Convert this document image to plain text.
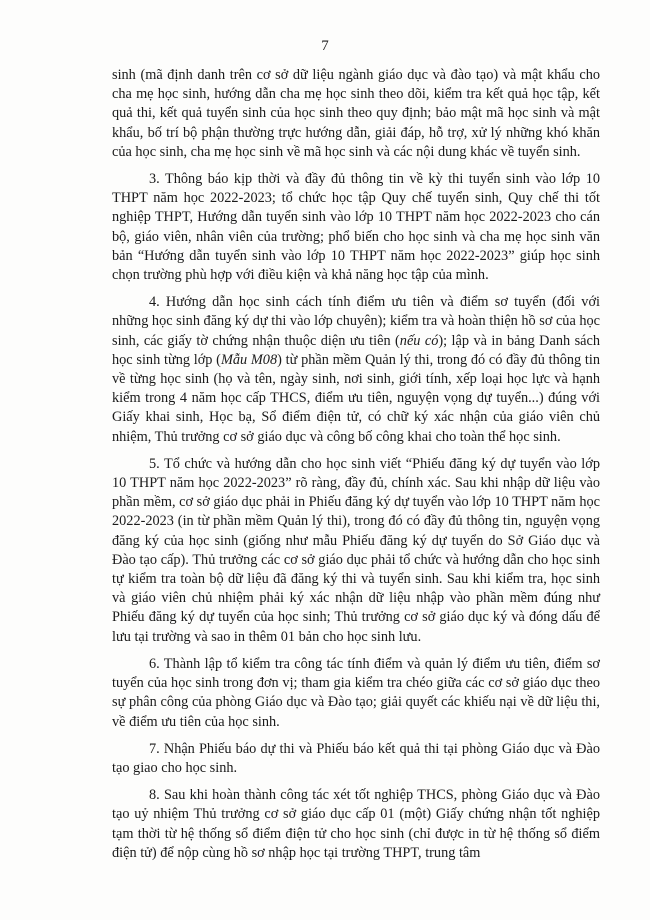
7

sinh (mã định danh trên cơ sở dữ liệu ngành giáo dục và đào tạo) và mật khẩu cho cha mẹ học sinh, hướng dẫn cha mẹ học sinh theo dõi, kiểm tra kết quả học tập, kết quả thi, kết quả tuyển sinh của học sinh theo quy định; bảo mật mã học sinh và mật khẩu, bố trí bộ phận thường trực hướng dẫn, giải đáp, hỗ trợ, xử lý những khó khăn của học sinh, cha mẹ học sinh về mã học sinh và các nội dung khác về tuyển sinh.

3. Thông báo kịp thời và đầy đủ thông tin về kỳ thi tuyển sinh vào lớp 10 THPT năm học 2022-2023; tổ chức học tập Quy chế tuyển sinh, Quy chế thi tốt nghiệp THPT, Hướng dẫn tuyển sinh vào lớp 10 THPT năm học 2022-2023 cho cán bộ, giáo viên, nhân viên của trường; phổ biến cho học sinh và cha mẹ học sinh văn bản “Hướng dẫn tuyển sinh vào lớp 10 THPT năm học 2022-2023” giúp học sinh chọn trường phù hợp với điều kiện và khả năng học tập của mình.

4. Hướng dẫn học sinh cách tính điểm ưu tiên và điểm sơ tuyển (đối với những học sinh đăng ký dự thi vào lớp chuyên); kiểm tra và hoàn thiện hồ sơ của học sinh, các giấy tờ chứng nhận thuộc diện ưu tiên (nếu có); lập và in bảng Danh sách học sinh từng lớp (Mẫu M08) từ phần mềm Quản lý thi, trong đó có đầy đủ thông tin về từng học sinh (họ và tên, ngày sinh, nơi sinh, giới tính, xếp loại học lực và hạnh kiểm trong 4 năm học cấp THCS, điểm ưu tiên, nguyện vọng dự tuyển...) đúng với Giấy khai sinh, Học bạ, Sổ điểm điện tử, có chữ ký xác nhận của giáo viên chủ nhiệm, Thủ trưởng cơ sở giáo dục và công bố công khai cho toàn thể học sinh.

5. Tổ chức và hướng dẫn cho học sinh viết “Phiếu đăng ký dự tuyển vào lớp 10 THPT năm học 2022-2023” rõ ràng, đầy đủ, chính xác. Sau khi nhập dữ liệu vào phần mềm, cơ sở giáo dục phải in Phiếu đăng ký dự tuyển vào lớp 10 THPT năm học 2022-2023 (in từ phần mềm Quản lý thi), trong đó có đầy đủ thông tin, nguyện vọng đăng ký của học sinh (giống như mẫu Phiếu đăng ký dự tuyển do Sở Giáo dục và Đào tạo cấp). Thủ trưởng các cơ sở giáo dục phải tổ chức và hướng dẫn cho học sinh tự kiểm tra toàn bộ dữ liệu đã đăng ký thi và tuyển sinh. Sau khi kiểm tra, học sinh và giáo viên chủ nhiệm phải ký xác nhận dữ liệu nhập vào phần mềm đúng như Phiếu đăng ký dự tuyển của học sinh; Thủ trưởng cơ sở giáo dục ký và đóng dấu để lưu tại trường và sao in thêm 01 bản cho học sinh lưu.

6. Thành lập tổ kiểm tra công tác tính điểm và quản lý điểm ưu tiên, điểm sơ tuyển của học sinh trong đơn vị; tham gia kiểm tra chéo giữa các cơ sở giáo dục theo sự phân công của phòng Giáo dục và Đào tạo; giải quyết các khiếu nại về dữ liệu thi, về điểm ưu tiên của học sinh.

7. Nhận Phiếu báo dự thi và Phiếu báo kết quả thi tại phòng Giáo dục và Đào tạo giao cho học sinh.

8. Sau khi hoàn thành công tác xét tốt nghiệp THCS, phòng Giáo dục và Đào tạo uỷ nhiệm Thủ trưởng cơ sở giáo dục cấp 01 (một) Giấy chứng nhận tốt nghiệp tạm thời từ hệ thống sổ điểm điện tử cho học sinh (chỉ được in từ hệ thống sổ điểm điện tử) để nộp cùng hồ sơ nhập học tại trường THPT, trung tâm
